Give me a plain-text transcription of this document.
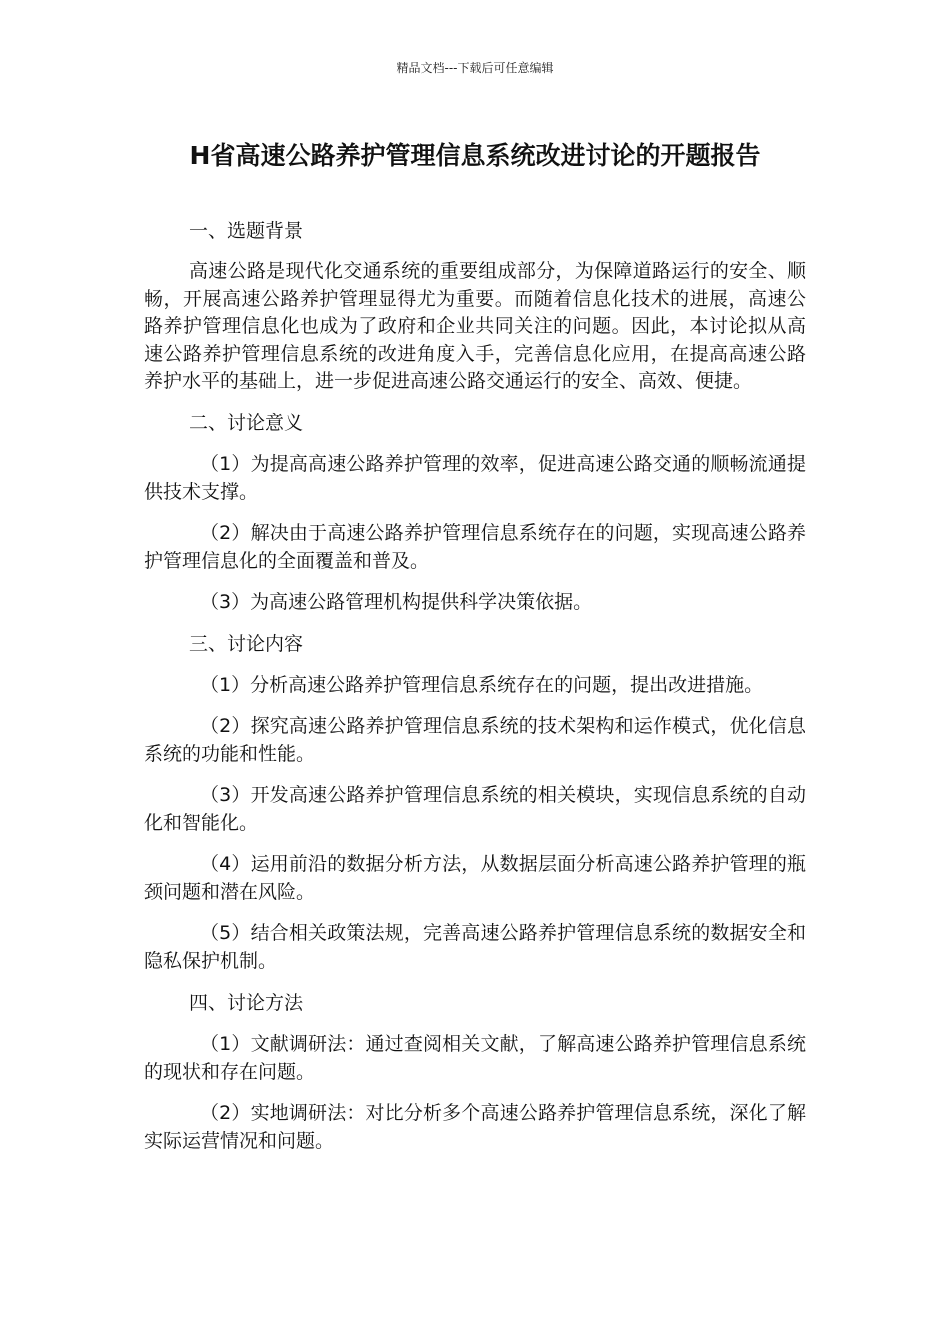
精品文档---下载后可任意编辑
H省高速公路养护管理信息系统改进讨论的开题报告

一、选题背景

高速公路是现代化交通系统的重要组成部分，为保障道路运行的安全、顺畅，开展高速公路养护管理显得尤为重要。而随着信息化技术的进展，高速公路养护管理信息化也成为了政府和企业共同关注的问题。因此，本讨论拟从高速公路养护管理信息系统的改进角度入手，完善信息化应用，在提高高速公路养护水平的基础上，进一步促进高速公路交通运行的安全、高效、便捷。

二、讨论意义

（1）为提高高速公路养护管理的效率，促进高速公路交通的顺畅流通提供技术支撑。

（2）解决由于高速公路养护管理信息系统存在的问题，实现高速公路养护管理信息化的全面覆盖和普及。

（3）为高速公路管理机构提供科学决策依据。

三、讨论内容

（1）分析高速公路养护管理信息系统存在的问题，提出改进措施。

（2）探究高速公路养护管理信息系统的技术架构和运作模式，优化信息系统的功能和性能。

（3）开发高速公路养护管理信息系统的相关模块，实现信息系统的自动化和智能化。

（4）运用前沿的数据分析方法，从数据层面分析高速公路养护管理的瓶颈问题和潜在风险。

（5）结合相关政策法规，完善高速公路养护管理信息系统的数据安全和隐私保护机制。

四、讨论方法

（1）文献调研法：通过查阅相关文献，了解高速公路养护管理信息系统的现状和存在问题。

（2）实地调研法：对比分析多个高速公路养护管理信息系统，深化了解实际运营情况和问题。
